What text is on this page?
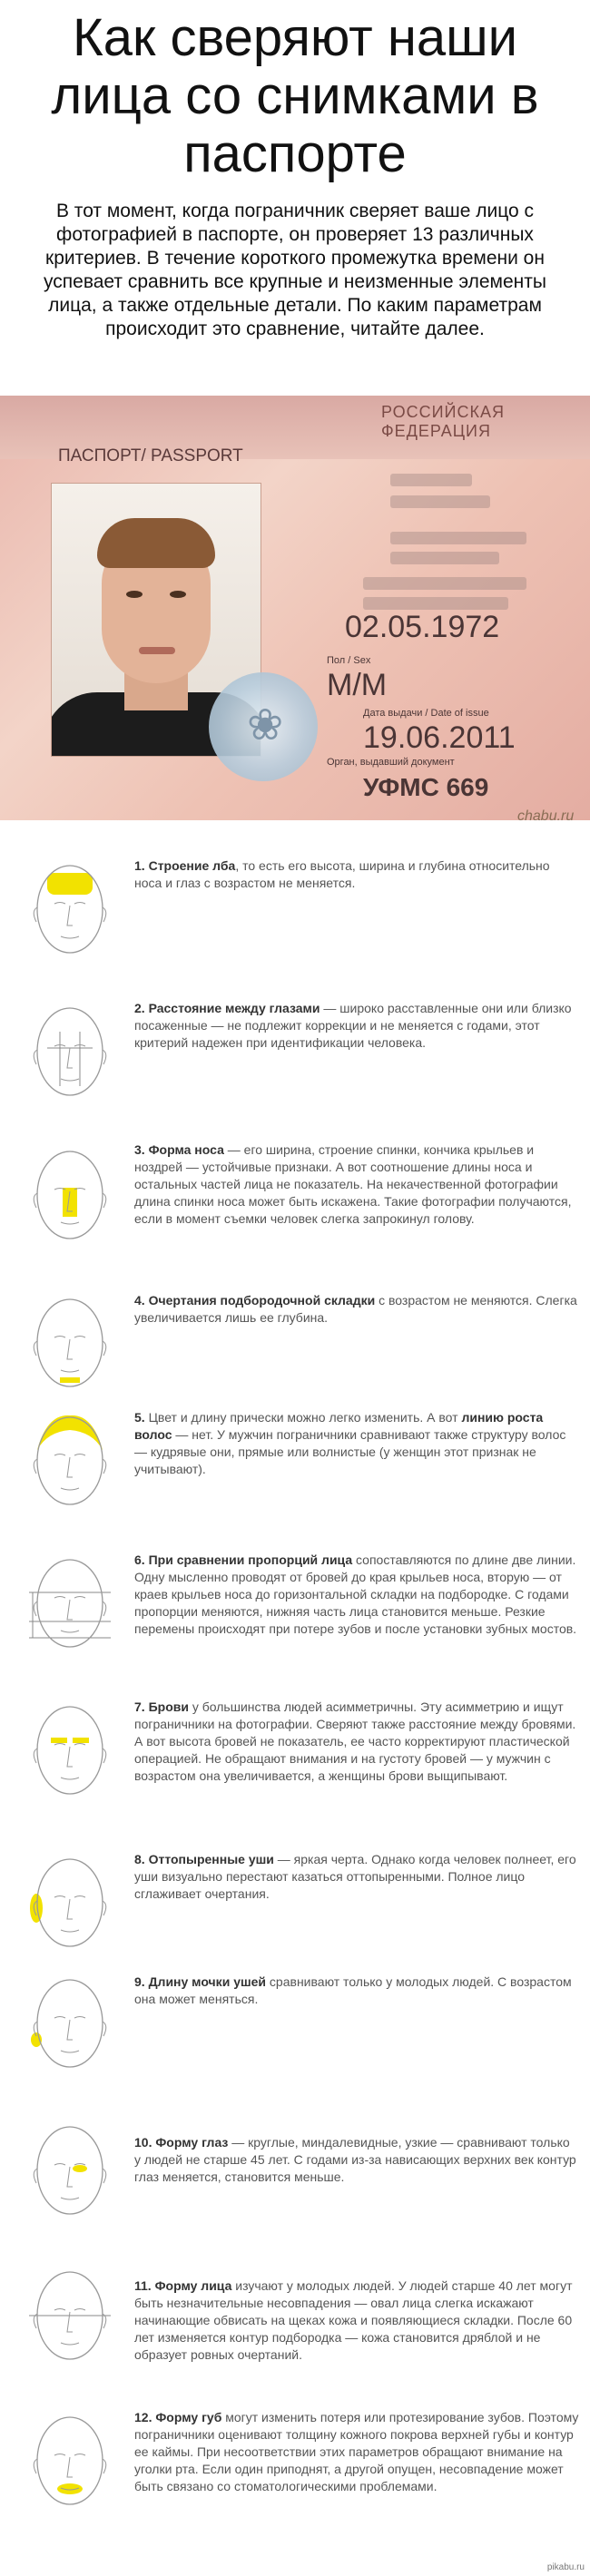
Как сверяют наши лица со снимками в паспорте
В тот момент, когда пограничник сверяет ваше лицо с фотографией в паспорте, он проверяет 13 различных критериев. В течение короткого промежутка времени он успевает сравнить все крупные и неизменные элементы лица, а также отдельные детали. По каким параметрам происходит это сравнение, читайте далее.
РОССИЙСКАЯ ФЕДЕРАЦИЯ
ПАСПОРТ/ PASSPORT
02.05.1972
Пол / Sex
М/М
Дата выдачи / Date of issue
19.06.2011
Орган, выдавший документ
УФМС 669
❀
chabu.ru
pikabu.ru
1. Строение лба, то есть его высота, ширина и глубина относительно носа и глаз с возрастом не меняется.
2. Расстояние между глазами — широко расставленные они или близко посаженные — не подлежит коррекции и не меняется с годами, этот критерий надежен при идентификации человека.
3. Форма носа — его ширина, строение спинки, кончика крыльев и ноздрей — устойчивые признаки. А вот соотношение длины носа и остальных частей лица не показатель. На некачественной фотографии длина спинки носа может быть искажена. Такие фотографии получаются, если в момент съемки человек слегка запрокинул голову.
4. Очертания подбородочной складки с возрастом не меняются. Слегка увеличивается лишь ее глубина.
5. Цвет и длину прически можно легко изменить. А вот линию роста волос — нет. У мужчин пограничники сравнивают также структуру волос — кудрявые они, прямые или волнистые (у женщин этот признак не учитывают).
6. При сравнении пропорций лица сопоставляются по длине две линии. Одну мысленно проводят от бровей до края крыльев носа, вторую — от краев крыльев носа до горизонтальной складки на подбородке. С годами пропорции меняются, нижняя часть лица становится меньше. Резкие перемены происходят при потере зубов и после установки зубных мостов.
7. Брови у большинства людей асимметричны. Эту асимметрию и ищут пограничники на фотографии. Сверяют также расстояние между бровями. А вот высота бровей не показатель, ее часто корректируют пластической операцией. Не обращают внимания и на густоту бровей — у мужчин с возрастом она увеличивается, а женщины брови выщипывают.
8. Оттопыренные уши — яркая черта. Однако когда человек полнеет, его уши визуально перестают казаться оттопыренными. Полное лицо сглаживает очертания.
9. Длину мочки ушей сравнивают только у молодых людей. С возрастом она может меняться.
10. Форму глаз — круглые, миндалевидные, узкие — сравнивают только у людей не старше 45 лет. С годами из-за нависающих верхних век контур глаз меняется, становится меньше.
11. Форму лица изучают у молодых людей. У людей старше 40 лет могут быть незначительные несовпадения — овал лица слегка искажают начинающие обвисать на щеках кожа и появляющиеся складки. После 60 лет изменяется контур подбородка — кожа становится дряблой и не образует ровных очертаний.
12. Форму губ могут изменить потеря или протезирование зубов. Поэтому пограничники оценивают толщину кожного покрова верхней губы и контур ее каймы. При несоответствии этих параметров обращают внимание на уголки рта. Если один приподнят, а другой опущен, несовпадение может быть связано со стоматологическими проблемами.
